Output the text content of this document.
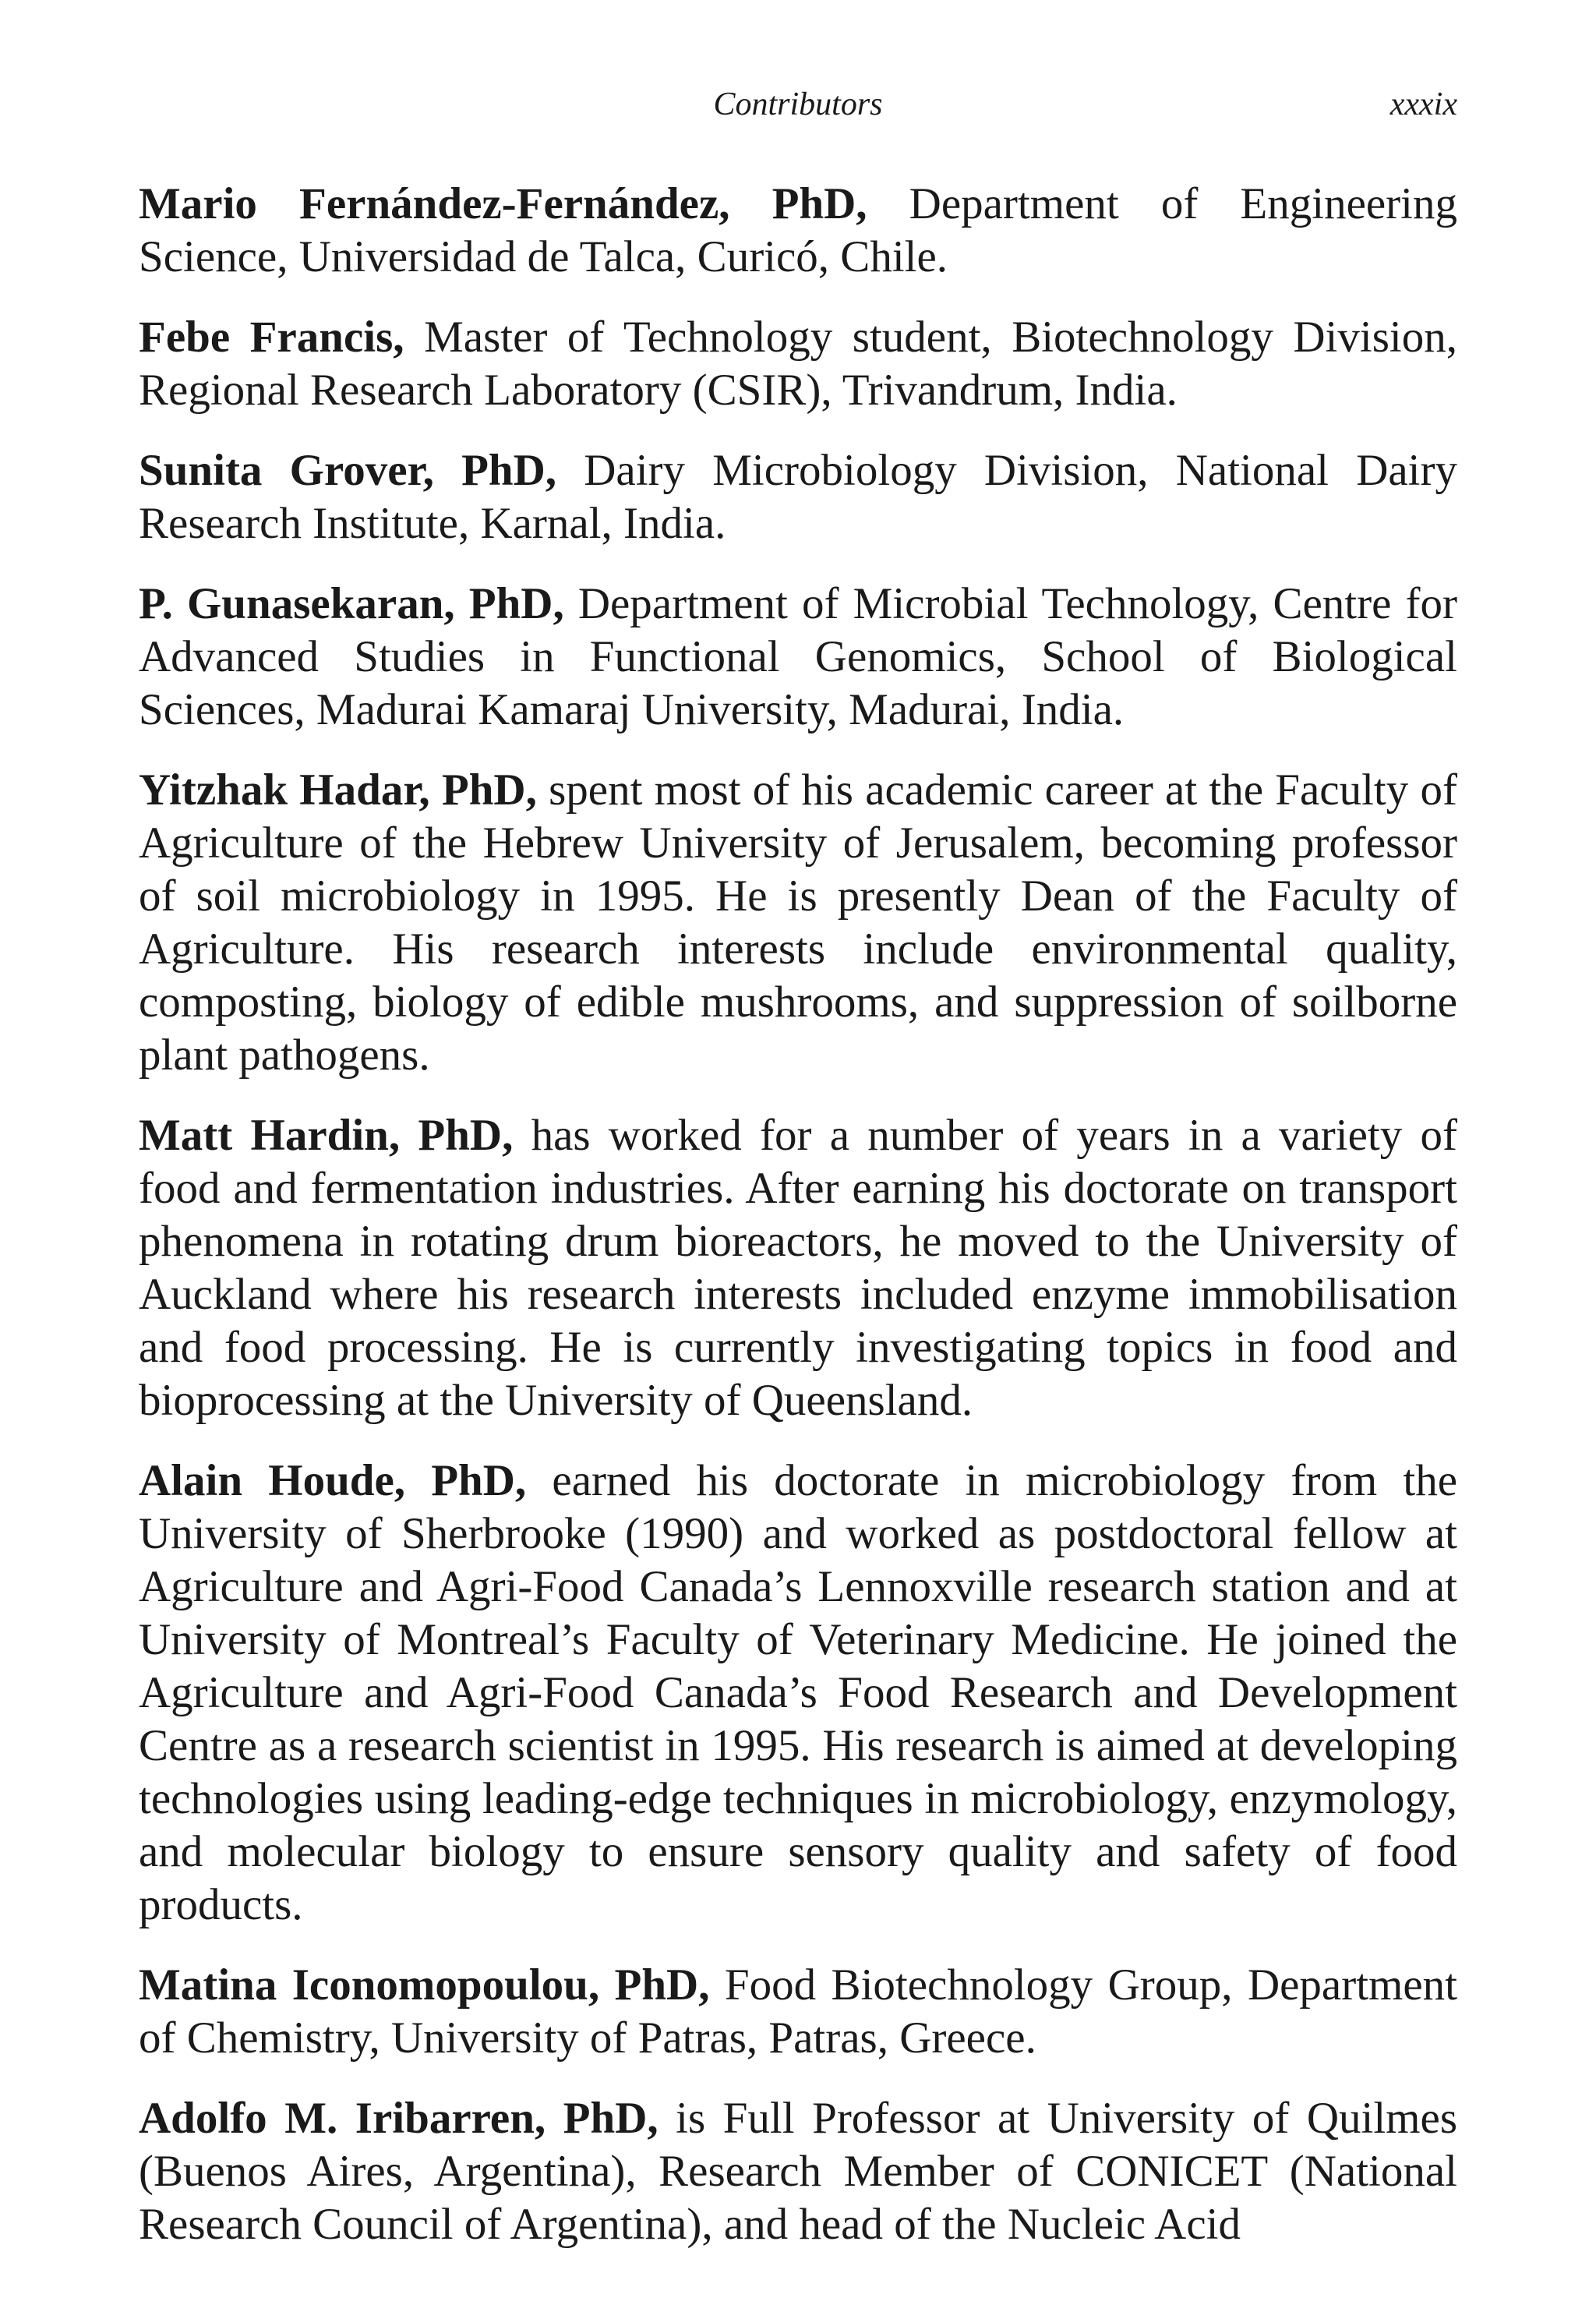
Contributors	xxxix

Mario Fernández-Fernández, PhD, Department of Engineering Science, Universidad de Talca, Curicó, Chile.

Febe Francis, Master of Technology student, Biotechnology Division, Regional Research Laboratory (CSIR), Trivandrum, India.

Sunita Grover, PhD, Dairy Microbiology Division, National Dairy Research Institute, Karnal, India.

P. Gunasekaran, PhD, Department of Microbial Technology, Centre for Advanced Studies in Functional Genomics, School of Biological Sciences, Madurai Kamaraj University, Madurai, India.

Yitzhak Hadar, PhD, spent most of his academic career at the Faculty of Agriculture of the Hebrew University of Jerusalem, becoming professor of soil microbiology in 1995. He is presently Dean of the Faculty of Agriculture. His research interests include environmental quality, composting, biology of edible mushrooms, and suppression of soilborne plant pathogens.

Matt Hardin, PhD, has worked for a number of years in a variety of food and fermentation industries. After earning his doctorate on transport phenomena in rotating drum bioreactors, he moved to the University of Auckland where his research interests included enzyme immobilisation and food processing. He is currently investigating topics in food and bioprocessing at the University of Queensland.

Alain Houde, PhD, earned his doctorate in microbiology from the University of Sherbrooke (1990) and worked as postdoctoral fellow at Agriculture and Agri-Food Canada’s Lennoxville research station and at University of Montreal’s Faculty of Veterinary Medicine. He joined the Agriculture and Agri-Food Canada’s Food Research and Development Centre as a research scientist in 1995. His research is aimed at developing technologies using leading-edge techniques in microbiology, enzymology, and molecular biology to ensure sensory quality and safety of food products.

Matina Iconomopoulou, PhD, Food Biotechnology Group, Department of Chemistry, University of Patras, Patras, Greece.

Adolfo M. Iribarren, PhD, is Full Professor at University of Quilmes (Buenos Aires, Argentina), Research Member of CONICET (National Research Council of Argentina), and head of the Nucleic Acid
